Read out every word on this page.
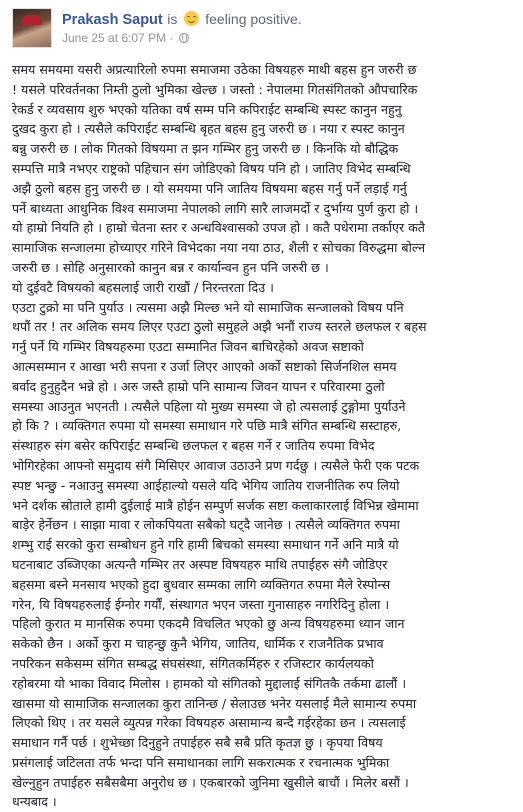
Prakash Saput is feeling positive.
June 25 at 6:07 PM ·
समय समयमा यसरी अप्रत्यारिलो रुपमा समाजमा उठेका विषयहरु माथी बहस हुन जरुरी छ
! यसले परिवर्तनका निम्ती ठुलो भुमिका खेल्छ । जस्तो : नेपालमा गितसंगितको औपचारिक
रेकर्ड र व्यवसाय शुरु भएको यतिका वर्ष सम्म पनि कपिराईट सम्बन्धि स्पस्ट कानुन नहुनु
दुखद कुरा हो । त्यसैले कपिराईट सम्बन्धि बृहत बहस हुनु जरुरी छ । नया र स्पस्ट कानुन
बन्नु जरुरी छ । लोक गितको विषयमा त झन गम्भिर हुनु जरुरी छ । किनकि यो बौद्धिक
सम्पत्ति मात्रै नभएर राष्ट्रको पहिचान संग जोडिएको विषय पनि हो । जातिए विभेद सम्बन्धि
अझै ठुलो बहस हुनु जरुरी छ । यो समयमा पनि जातिय विषयमा बहस गर्नु पर्ने लड़ाई गर्नु
पर्ने बाध्यता आधुनिक विश्व समाजमा नेपालको लागि सारै लाजमर्दो र दुर्भाग्य पुर्ण कुरा हो ।
यो हाम्रो नियति हो । हाम्रो चेतना स्तर र अन्धविश्वासको उपज हो । कतै पधेरामा तर्काएर कतै
सामाजिक सन्जालमा होच्याएर गरिने विभेदका नया नया ठाउ, शैली र सोचका विरुद्धमा बोल्न
जरुरी छ । सोहि अनुसारको कानुन बन्न र कार्यान्वन हुन पनि जरुरी छ ।
यो दुईवटै विषयको बहसलाई जारी राखौं / निरन्तरता दिउ ।
एउटा टुक्रो मा पनि पुर्याउ । त्यसमा अझै मिल्छ भने यो सामाजिक सन्जालको विषय पनि
थपौं तर ! तर अलिक समय लिएर एउटा ठुलो समुहले अझै भनौं राज्य स्तरले छलफल र बहस
गर्नु पर्ने यि गम्भिर विषयहरुमा एउटा सम्मानित जिवन बाचिरहेको अवज सष्टाको
आत्मसम्मान र आखा भरी सपना र उर्जा लिएर आएको अर्को सष्टाको सिर्जनशिल समय
बर्वाद हुनुहुदैन भन्ने हो । अरु जस्तै हाम्रो पनि सामान्य जिवन यापन र परिवारमा ठुलो
समस्या आउनुत भएनती । त्यसैले पहिला यो मुख्य समस्या जे हो त्यसलाई टुङ्गोमा पुर्याउने
हो कि ? । व्यक्तिगत रुपमा यो समस्या समाधान गरे पछि मात्रै संगित सम्बन्धि सस्टाहरु,
संस्थाहरु संग बसेर कपिराईट सम्बन्धि छलफल र बहस गर्ने र जातिय रुपमा विभेद
भोगिरहेका आफ्नो समुदाय संगै मिसिएर आवाज उठाउने प्रण गर्दछु । त्यसैले फेरी एक पटक
स्पष्ट भन्छु - नआउनु समस्या आईहाल्यो यसले यदि भेगिय जातिय राजनीतिक रुप लियो
भने दर्शक स्रोताले हामी दुईलाई मात्रै होईन सम्पुर्ण सर्जक सष्टा कलाकारलाई विभिन्न खेमामा
बाड़ेर हेर्नेछन । साझा मावा र लोकपियता सबैको घट्दै जानेछ । त्यसैले व्यक्तिगत रुपमा
शम्भु राई सरको कुरा सम्बोधन हुने गरि हामी बिचको समस्या समाधान गर्ने अनि मात्रै यो
घटनाबाट उब्जिएका अत्यन्तै गम्भिर तर अस्पष्ट विषयहरु माथि तपाईहरु संगै जोडिएर
बहसमा बस्ने मनसाय भएको हुदा बुधवार सम्मका लागि व्यक्तिगत रुपमा मैले रेस्पोन्स
गरेन, यि विषयहरुलाई ईग्नोर गर्यौं, संस्थागत भएन जस्ता गुनासाहरु नगरिदिनु होला ।
पहिलो कुरात म मानसिक रुपमा एकदमै विचलित भएको छु अन्य विषयहरुमा ध्यान जान
सकेको छैन । अर्को कुरा म चाहन्छु कुनै भेगिय, जातिय, धार्मिक र राजनैतिक प्रभाव
नपरिकन सकेसम्म संगित सम्बद्ध संघसंस्था, संगितकर्मिहरु र रजिस्टार कार्यलयको
रहोबरमा यो भाका विवाद मिलोस । हामको यो संगितको मुद्दालाई संगितकै तर्कमा ढालौं ।
खासमा यो सामाजिक सन्जालका कुरा तानिन्छ / सेलाउछ भनेर यसलाई मैले सामान्य रुपमा
लिएको थिए । तर यसले व्युत्पन्न गरेका विषयहरु असामान्य बन्दै गईरहेका छन । त्यसलाई
समाधान गर्नै पर्छ । शुभेच्छा दिनुहुने तपाईहरु सबै सबै प्रति कृतज्ञ छु । कृपया विषय
प्रसंगलाई जटिलता तर्फ भन्दा पनि समाधानका लागि सकरात्मक र रचनात्मक भुमिका
खेल्नुहुन तपाईहरु सबैसबैमा अनुरोध छ । एकबारको जुनिमा खुसीले बाचौं । मिलेर बसौं ।
धन्यबाद ।
